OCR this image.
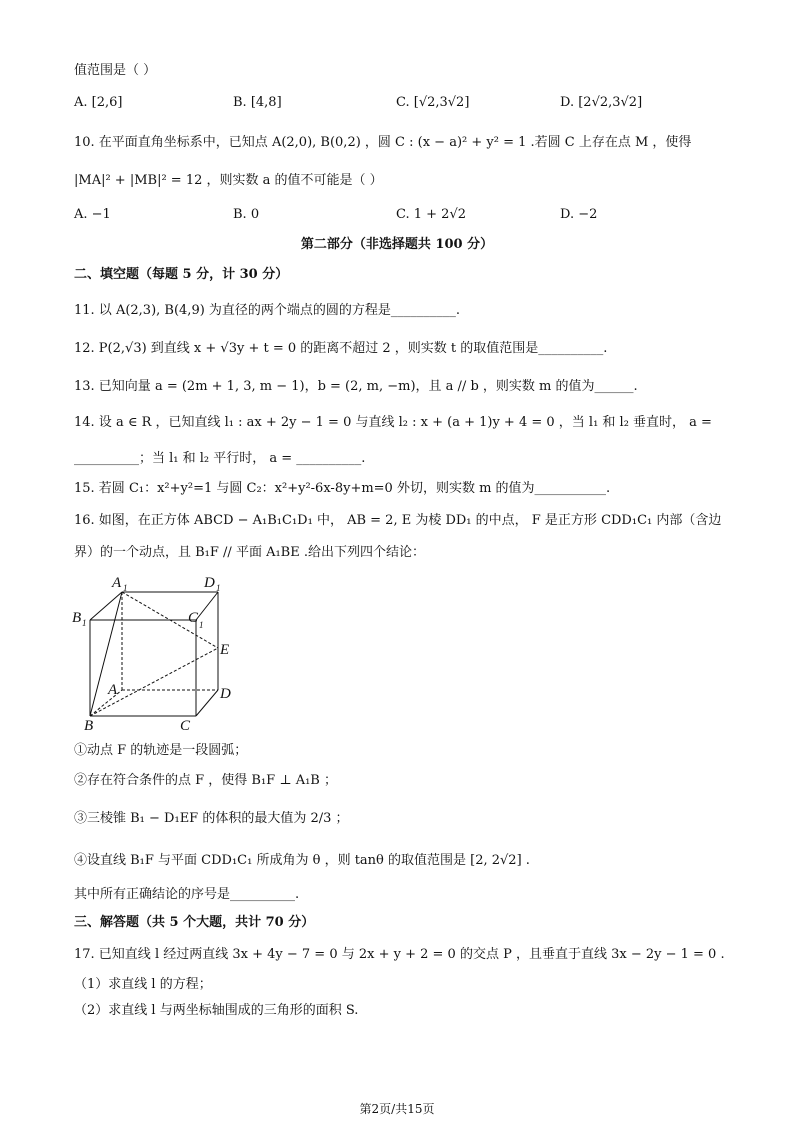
值范围是（ ）
A. [2,6]	B. [4,8]	C. [√2,3√2]	D. [2√2,3√2]
10. 在平面直角坐标系中，已知点 A(2,0), B(0,2) ，圆 C : (x − a)² + y² = 1 .若圆 C 上存在点 M ，使得
|MA|² + |MB|² = 12 ，则实数 a 的值不可能是（ ）
A. −1	B. 0	C. 1 + 2√2	D. −2
第二部分（非选择题共 100 分）
二、填空题（每题 5 分，计 30 分）
11. 以 A(2,3), B(4,9) 为直径的两个端点的圆的方程是__________.
12. P(2,√3) 到直线 x + √3y + t = 0 的距离不超过 2 ，则实数 t 的取值范围是__________.
13. 已知向量 a = (2m + 1, 3, m − 1)，b = (2, m, −m)，且 a // b ，则实数 m 的值为______.
14. 设 a ∈ R ，已知直线 l₁ : ax + 2y − 1 = 0 与直线 l₂ : x + (a + 1)y + 4 = 0 ，当 l₁ 和 l₂ 垂直时， a =
__________；当 l₁ 和 l₂ 平行时， a = __________.
15. 若圆 C₁：x²+y²=1 与圆 C₂：x²+y²-6x-8y+m=0 外切，则实数 m 的值为___________.
16. 如图，在正方体 ABCD − A₁B₁C₁D₁ 中， AB = 2, E 为棱 DD₁ 的中点， F 是正方形 CDD₁C₁ 内部（含边
界）的一个动点，且 B₁F // 平面 A₁BE .给出下列四个结论：
A 1	D 1
B 1	C 1
E
A	D
B	C
①动点 F 的轨迹是一段圆弧；
②存在符合条件的点 F ，使得 B₁F ⊥ A₁B ；
③三棱锥 B₁ − D₁EF 的体积的最大值为 2/3 ；
④设直线 B₁F 与平面 CDD₁C₁ 所成角为 θ ，则 tanθ 的取值范围是 [2, 2√2] .
其中所有正确结论的序号是__________.
三、解答题（共 5 个大题，共计 70 分）
17. 已知直线 l 经过两直线 3x + 4y − 7 = 0 与 2x + y + 2 = 0 的交点 P ，且垂直于直线 3x − 2y − 1 = 0 .
（1）求直线 l 的方程；
（2）求直线 l 与两坐标轴围成的三角形的面积 S.
第2页/共15页
